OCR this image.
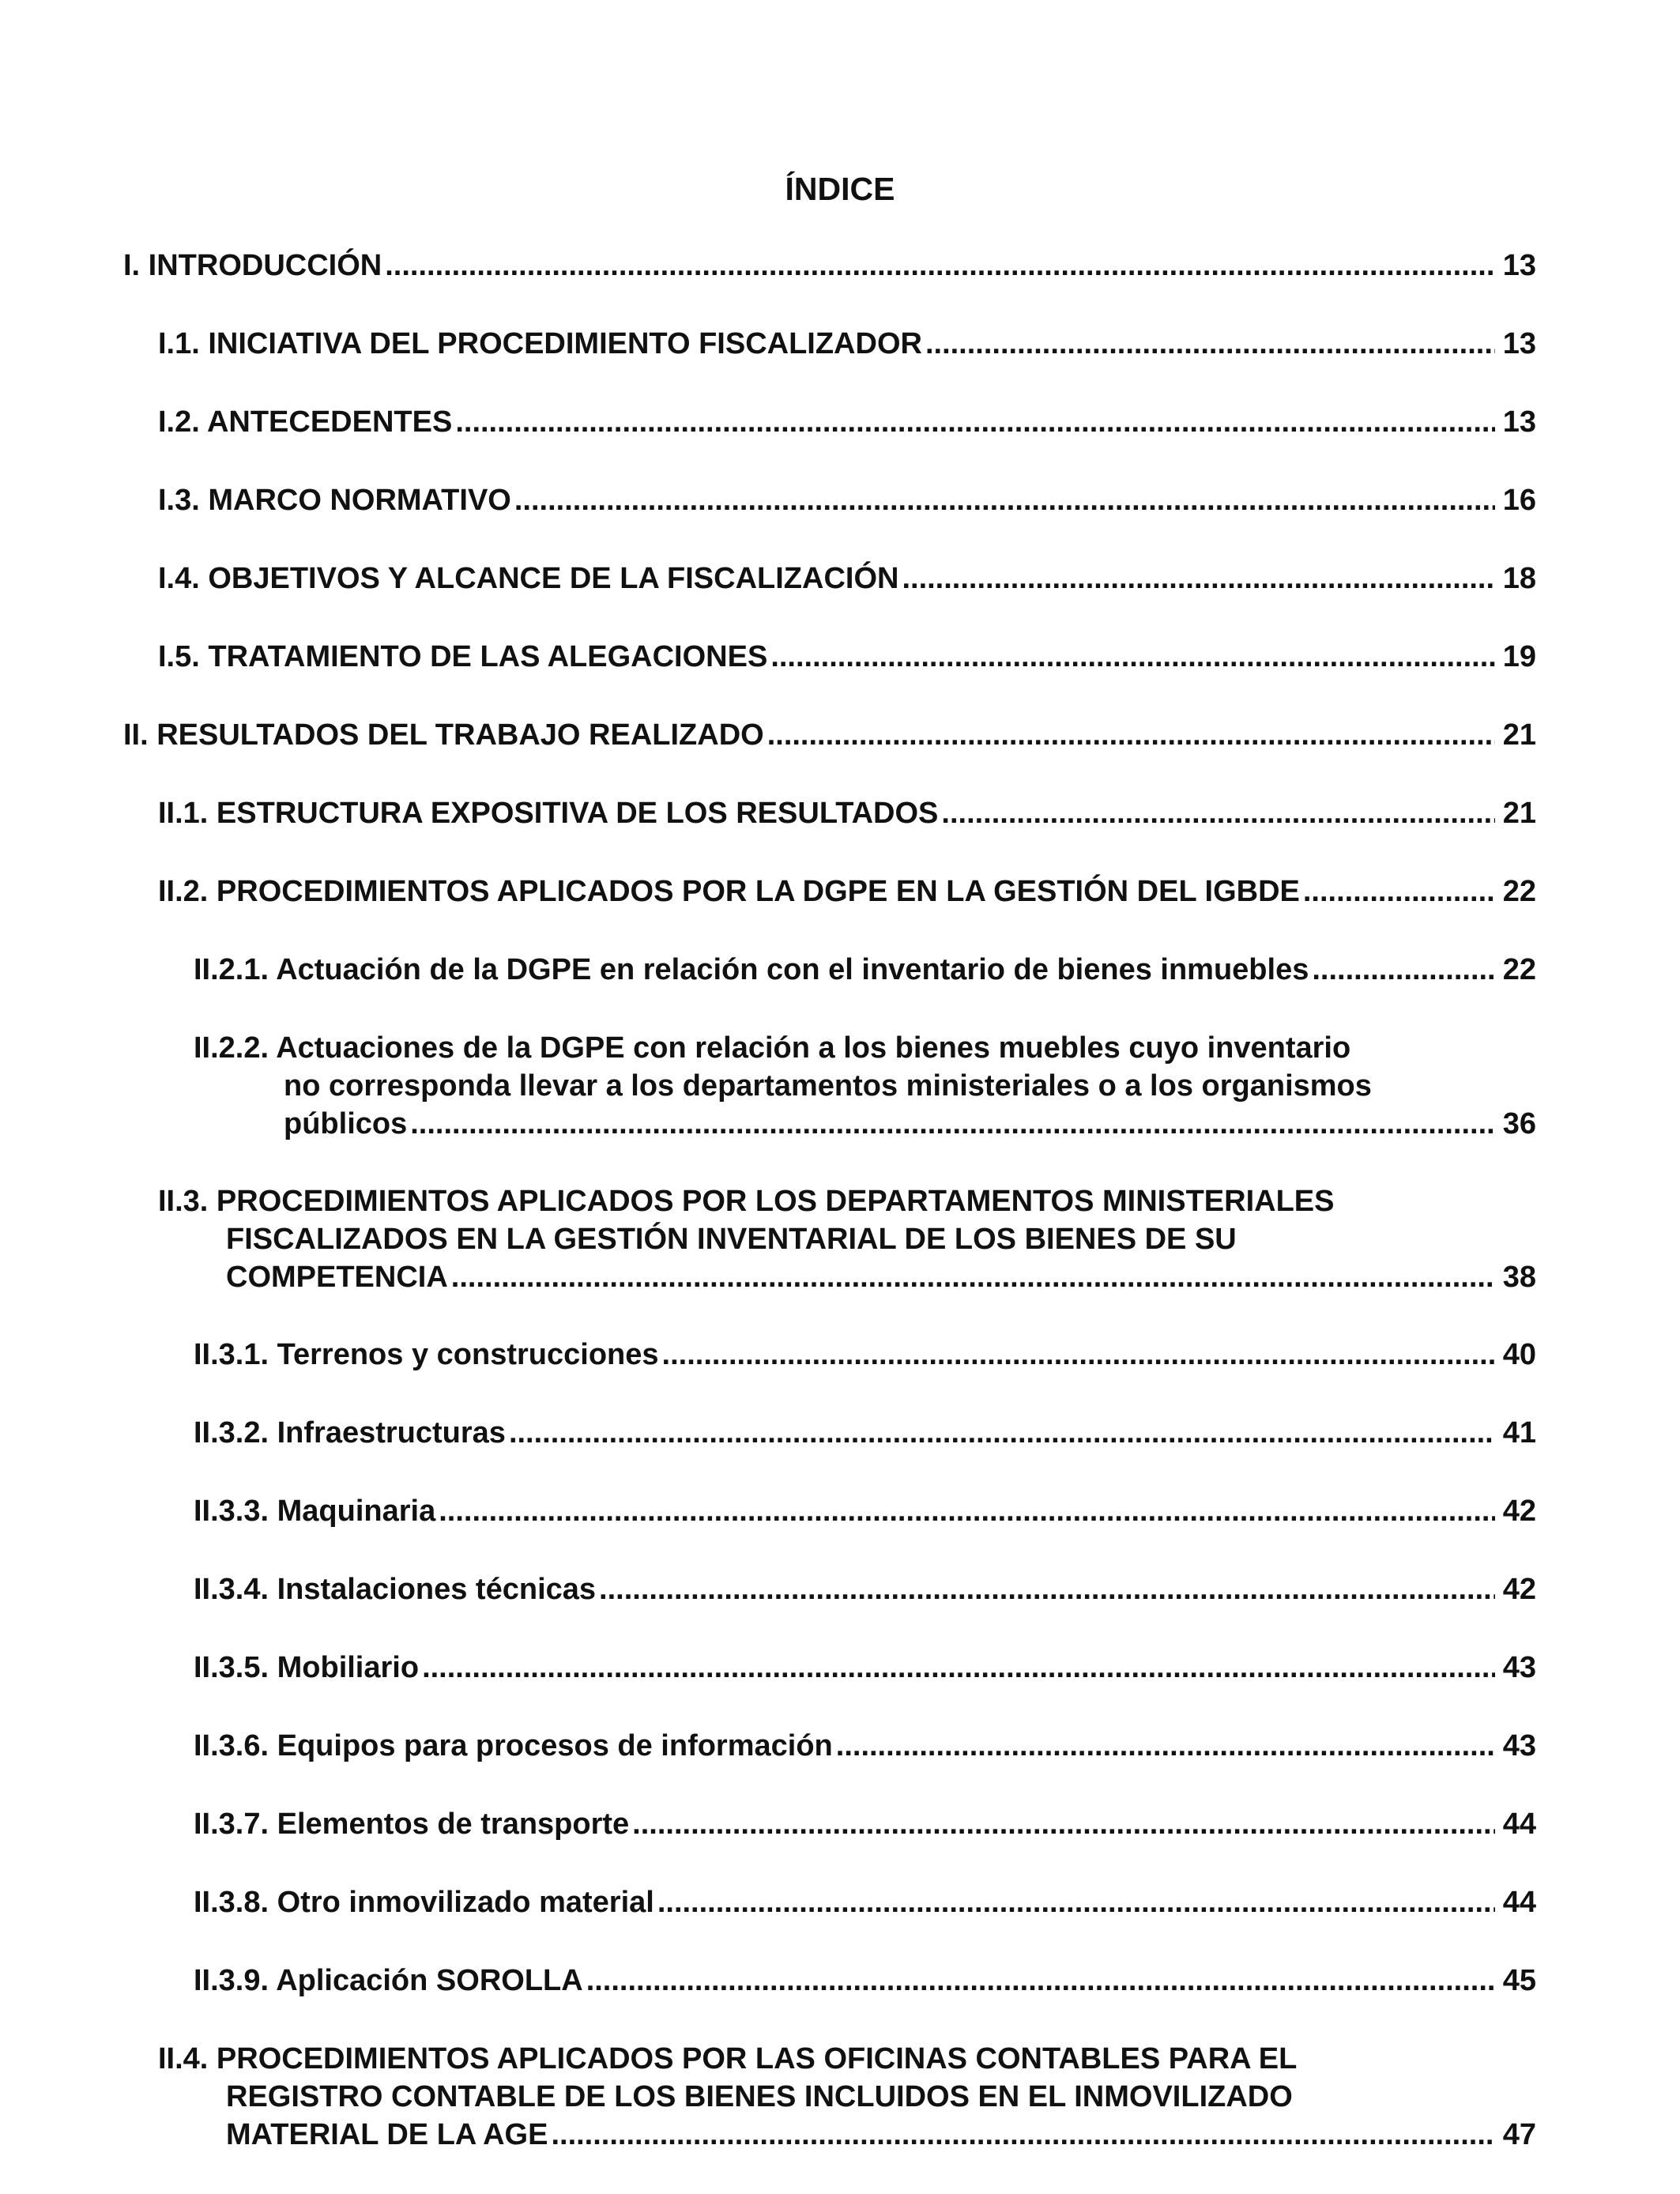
ÍNDICE
I. INTRODUCCIÓN .....	13
I.1. INICIATIVA DEL PROCEDIMIENTO FISCALIZADOR .....	13
I.2. ANTECEDENTES .....	13
I.3. MARCO NORMATIVO .....	16
I.4. OBJETIVOS Y ALCANCE DE LA FISCALIZACIÓN .....	18
I.5. TRATAMIENTO DE LAS ALEGACIONES .....	19
II. RESULTADOS DEL TRABAJO REALIZADO .....	21
II.1. ESTRUCTURA EXPOSITIVA DE LOS RESULTADOS .....	21
II.2. PROCEDIMIENTOS APLICADOS POR LA DGPE EN LA GESTIÓN DEL IGBDE .....	22
II.2.1. Actuación de la DGPE en relación con el inventario de bienes inmuebles .....	22
II.2.2. Actuaciones de la DGPE con relación a los bienes muebles cuyo inventario
no corresponda llevar a los departamentos ministeriales o a los organismos
públicos .....	36
II.3. PROCEDIMIENTOS APLICADOS POR LOS DEPARTAMENTOS MINISTERIALES
FISCALIZADOS EN LA GESTIÓN INVENTARIAL DE LOS BIENES DE SU
COMPETENCIA .....	38
II.3.1. Terrenos y construcciones .....	40
II.3.2. Infraestructuras .....	41
II.3.3. Maquinaria .....	42
II.3.4. Instalaciones técnicas .....	42
II.3.5. Mobiliario .....	43
II.3.6. Equipos para procesos de información .....	43
II.3.7. Elementos de transporte .....	44
II.3.8. Otro inmovilizado material .....	44
II.3.9. Aplicación SOROLLA .....	45
II.4. PROCEDIMIENTOS APLICADOS POR LAS OFICINAS CONTABLES PARA EL
REGISTRO CONTABLE DE LOS BIENES INCLUIDOS EN EL INMOVILIZADO
MATERIAL DE LA AGE .....	47
